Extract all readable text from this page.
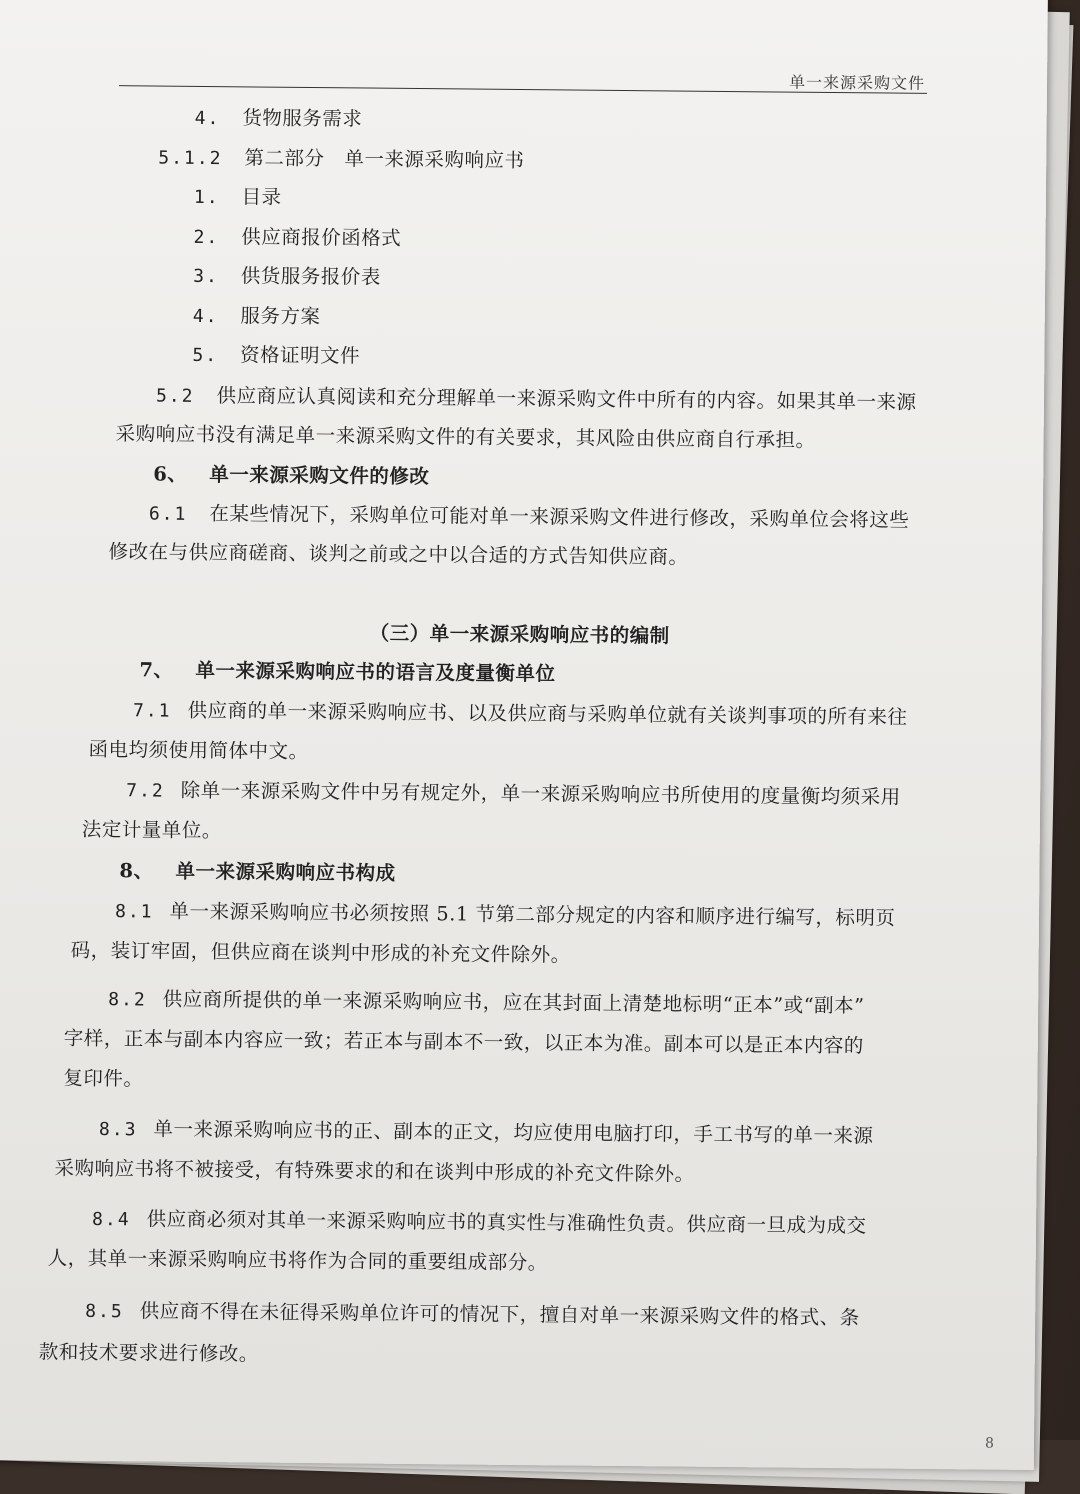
单一来源采购文件
4. 货物服务需求
5.1.2 第二部分　单一来源采购响应书
1. 目录
2. 供应商报价函格式
3. 供货服务报价表
4. 服务方案
5. 资格证明文件
5.2 供应商应认真阅读和充分理解单一来源采购文件中所有的内容。如果其单一来源
采购响应书没有满足单一来源采购文件的有关要求，其风险由供应商自行承担。
6、 单一来源采购文件的修改
6.1 在某些情况下，采购单位可能对单一来源采购文件进行修改，采购单位会将这些
修改在与供应商磋商、谈判之前或之中以合适的方式告知供应商。
（三）单一来源采购响应书的编制
7、 单一来源采购响应书的语言及度量衡单位
7.1 供应商的单一来源采购响应书、以及供应商与采购单位就有关谈判事项的所有来往
函电均须使用简体中文。
7.2 除单一来源采购文件中另有规定外，单一来源采购响应书所使用的度量衡均须采用
法定计量单位。
8、 单一来源采购响应书构成
8.1 单一来源采购响应书必须按照 5.1 节第二部分规定的内容和顺序进行编写，标明页
码，装订牢固，但供应商在谈判中形成的补充文件除外。
8.2 供应商所提供的单一来源采购响应书，应在其封面上清楚地标明“正本”或“副本”
字样，正本与副本内容应一致；若正本与副本不一致，以正本为准。副本可以是正本内容的
复印件。
8.3 单一来源采购响应书的正、副本的正文，均应使用电脑打印，手工书写的单一来源
采购响应书将不被接受，有特殊要求的和在谈判中形成的补充文件除外。
8.4 供应商必须对其单一来源采购响应书的真实性与准确性负责。供应商一旦成为成交
人，其单一来源采购响应书将作为合同的重要组成部分。
8.5 供应商不得在未征得采购单位许可的情况下，擅自对单一来源采购文件的格式、条
款和技术要求进行修改。
8
